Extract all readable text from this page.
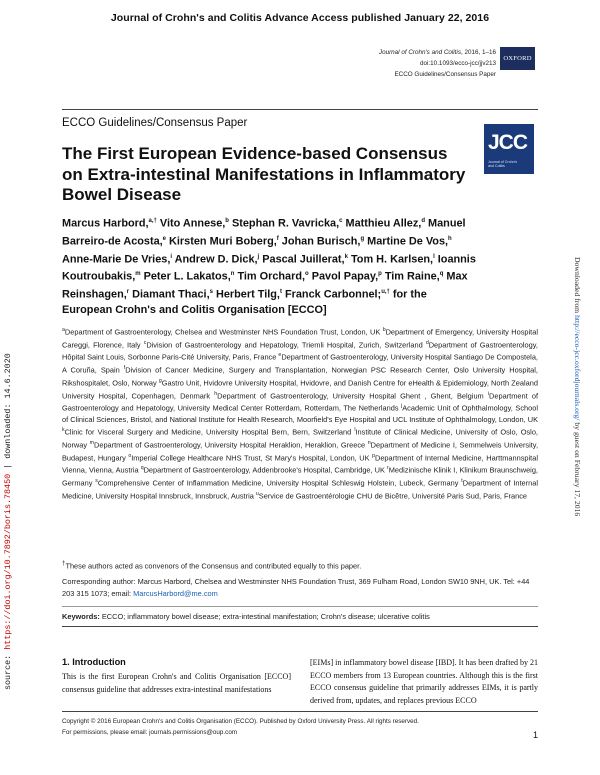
Journal of Crohn's and Colitis Advance Access published January 22, 2016
Journal of Crohn's and Colitis, 2016, 1–16
doi:10.1093/ecco-jcc/jjv213
ECCO Guidelines/Consensus Paper
OXFORD
ECCO Guidelines/Consensus Paper
JCC
Journal of Crohn's
and Colitis
The First European Evidence-based Consensus on Extra-intestinal Manifestations in Inflammatory Bowel Disease
Marcus Harbord,$^{a,\dagger}$ Vito Annese,$^b$ Stephan R. Vavricka,$^c$ Matthieu Allez,$^d$ Manuel Barreiro-de Acosta,$^e$ Kirsten Muri Boberg,$^f$ Johan Burisch,$^g$ Martine De Vos,$^h$ Anne-Marie De Vries,$^i$ Andrew D. Dick,$^j$ Pascal Juillerat,$^k$ Tom H. Karlsen,$^l$ Ioannis Koutroubakis,$^m$ Peter L. Lakatos,$^n$ Tim Orchard,$^o$ Pavol Papay,$^p$ Tim Raine,$^q$ Max Reinshagen,$^r$ Diamant Thaci,$^s$ Herbert Tilg,$^t$ Franck Carbonnel;$^{u,\dagger}$ for the European Crohn's and Colitis Organisation [ECCO]
$^a$Department of Gastroenterology, Chelsea and Westminster NHS Foundation Trust, London, UK $^b$Department of Emergency, University Hospital Careggi, Florence, Italy $^c$Division of Gastroenterology and Hepatology, Triemli Hospital, Zurich, Switzerland $^d$Department of Gastroenterology, Hôpital Saint Louis, Sorbonne Paris-Cité University, Paris, France $^e$Department of Gastroenterology, University Hospital Santiago De Compostela, A Coruña, Spain $^f$Division of Cancer Medicine, Surgery and Transplantation, Norwegian PSC Research Center, Oslo University Hospital, Rikshospitalet, Oslo, Norway $^g$Gastro Unit, Hvidovre University Hospital, Hvidovre, and Danish Centre for eHealth & Epidemiology, North Zealand University Hospital, Copenhagen, Denmark $^h$Department of Gastroenterology, University Hospital Ghent , Ghent, Belgium $^i$Department of Gastroenterology and Hepatology, University Medical Center Rotterdam, Rotterdam, The Netherlands $^j$Academic Unit of Ophthalmology, School of Clinical Sciences, Bristol, and National Institute for Health Research, Moorfield's Eye Hospital and UCL Institute of Ophthalmology, London, UK $^k$Clinic for Visceral Surgery and Medicine, University Hospital Bern, Bern, Switzerland $^l$Institute of Clinical Medicine, University of Oslo, Oslo, Norway $^m$Department of Gastroenterology, University Hospital Heraklion, Heraklion, Greece $^n$Department of Medicine I, Semmelweis University, Budapest, Hungary $^o$Imperial College Healthcare NHS Trust, St Mary's Hospital, London, UK $^p$Department of Internal Medicine, Harttmannspital Vienna, Vienna, Austria $^q$Department of Gastroenterology, Addenbrooke's Hospital, Cambridge, UK $^r$Medizinische Klinik I, Klinikum Braunschweig, Germany $^s$Comprehensive Center of Inflammation Medicine, University Hospital Schleswig Holstein, Lubeck, Germany $^t$Department of Internal Medicine, University Hospital Innsbruck, Innsbruck, Austria $^u$Service de Gastroentérologie CHU de Bicêtre, Université Paris Sud, Paris, France
†These authors acted as convenors of the Consensus and contributed equally to this paper.
Corresponding author: Marcus Harbord, Chelsea and Westminster NHS Foundation Trust, 369 Fulham Road, London SW10 9NH, UK. Tel: +44 203 315 1073; email: MarcusHarbord@me.com
Keywords: ECCO; inflammatory bowel disease; extra-intestinal manifestation; Crohn's disease; ulcerative colitis
1. Introduction
This is the first European Crohn's and Colitis Organisation [ECCO] consensus guideline that addresses extra-intestinal manifestations
[EIMs] in inflammatory bowel disease [IBD]. It has been drafted by 21 ECCO members from 13 European countries. Although this is the first ECCO consensus guideline that primarily addresses EIMs, it is partly derived from, updates, and replaces previous ECCO
Copyright © 2016 European Crohn's and Colitis Organisation (ECCO). Published by Oxford University Press. All rights reserved.
For permissions, please email: journals.permissions@oup.com	1
source: https://doi.org/10.7892/boris.78450 | downloaded: 14.6.2020
Downloaded from http://ecco-jcc.oxfordjournals.org/ by guest on February 17, 2016
